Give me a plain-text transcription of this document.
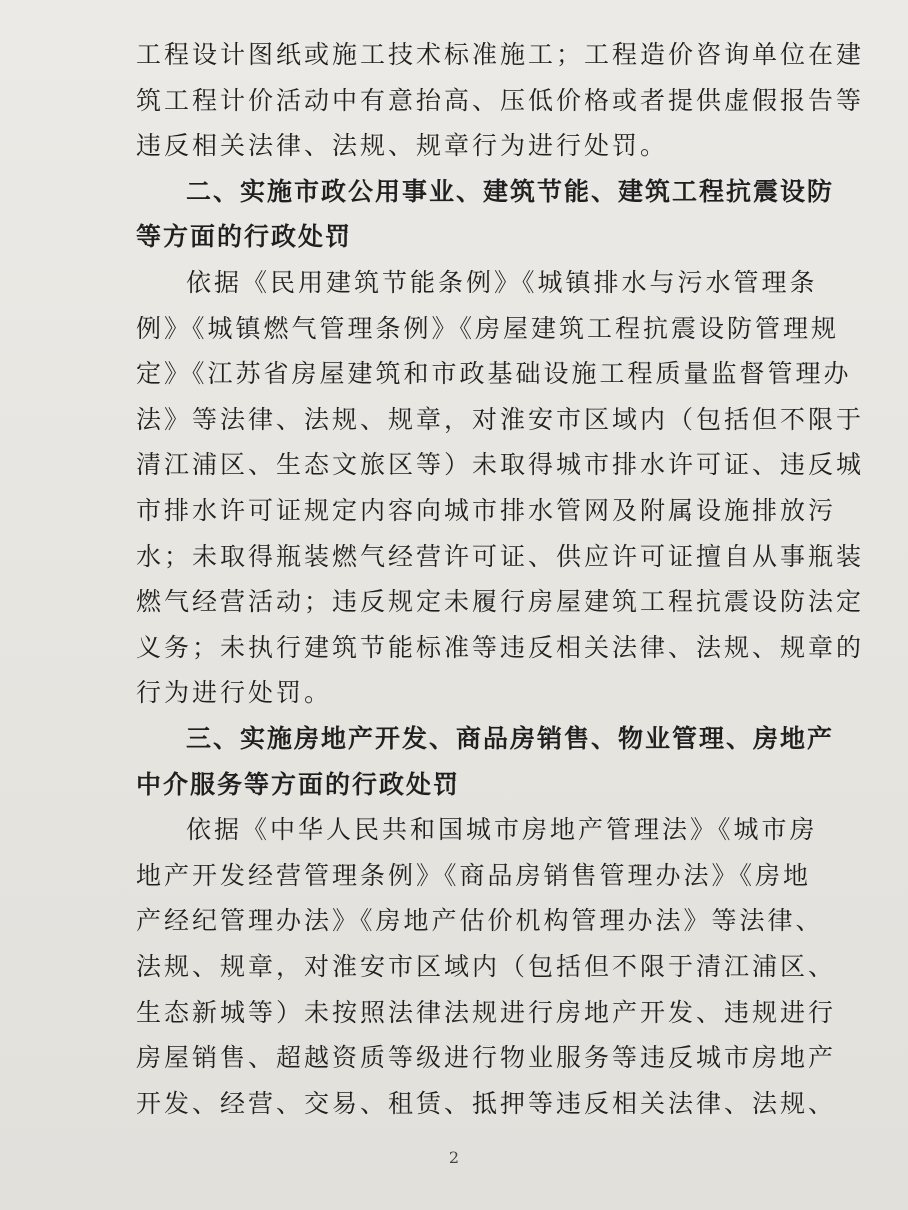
工程设计图纸或施工技术标准施工；工程造价咨询单位在建
筑工程计价活动中有意抬高、压低价格或者提供虚假报告等
违反相关法律、法规、规章行为进行处罚。
二、实施市政公用事业、建筑节能、建筑工程抗震设防
等方面的行政处罚
依据《民用建筑节能条例》《城镇排水与污水管理条
例》《城镇燃气管理条例》《房屋建筑工程抗震设防管理规
定》《江苏省房屋建筑和市政基础设施工程质量监督管理办
法》等法律、法规、规章，对淮安市区域内（包括但不限于
清江浦区、生态文旅区等）未取得城市排水许可证、违反城
市排水许可证规定内容向城市排水管网及附属设施排放污
水；未取得瓶装燃气经营许可证、供应许可证擅自从事瓶装
燃气经营活动；违反规定未履行房屋建筑工程抗震设防法定
义务；未执行建筑节能标准等违反相关法律、法规、规章的
行为进行处罚。
三、实施房地产开发、商品房销售、物业管理、房地产
中介服务等方面的行政处罚
依据《中华人民共和国城市房地产管理法》《城市房
地产开发经营管理条例》《商品房销售管理办法》《房地
产经纪管理办法》《房地产估价机构管理办法》等法律、
法规、规章，对淮安市区域内（包括但不限于清江浦区、
生态新城等）未按照法律法规进行房地产开发、违规进行
房屋销售、超越资质等级进行物业服务等违反城市房地产
开发、经营、交易、租赁、抵押等违反相关法律、法规、
2
